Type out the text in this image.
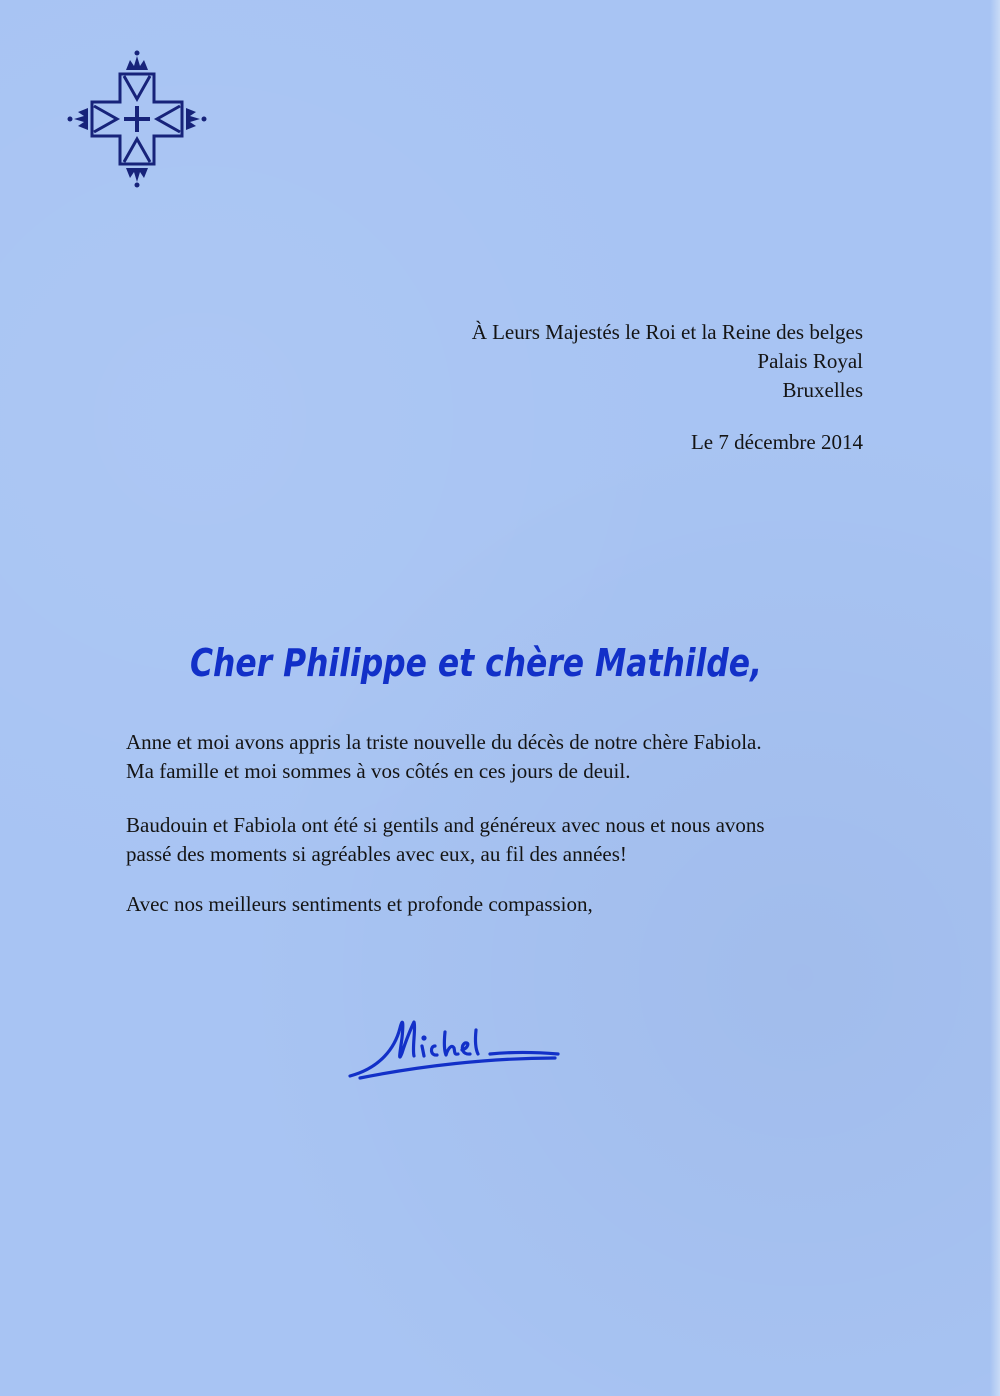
À Leurs Majestés le Roi et la Reine des belges
Palais Royal
Bruxelles
Le 7 décembre 2014
Cher Philippe et chère Mathilde,
Anne et moi avons appris la triste nouvelle du décès de notre chère Fabiola.
Ma famille et moi sommes à vos côtés en ces jours de deuil.
Baudouin et Fabiola ont été si gentils and généreux avec nous et nous avons
passé des moments si agréables avec eux, au fil des années!
Avec nos meilleurs sentiments et profonde compassion,
